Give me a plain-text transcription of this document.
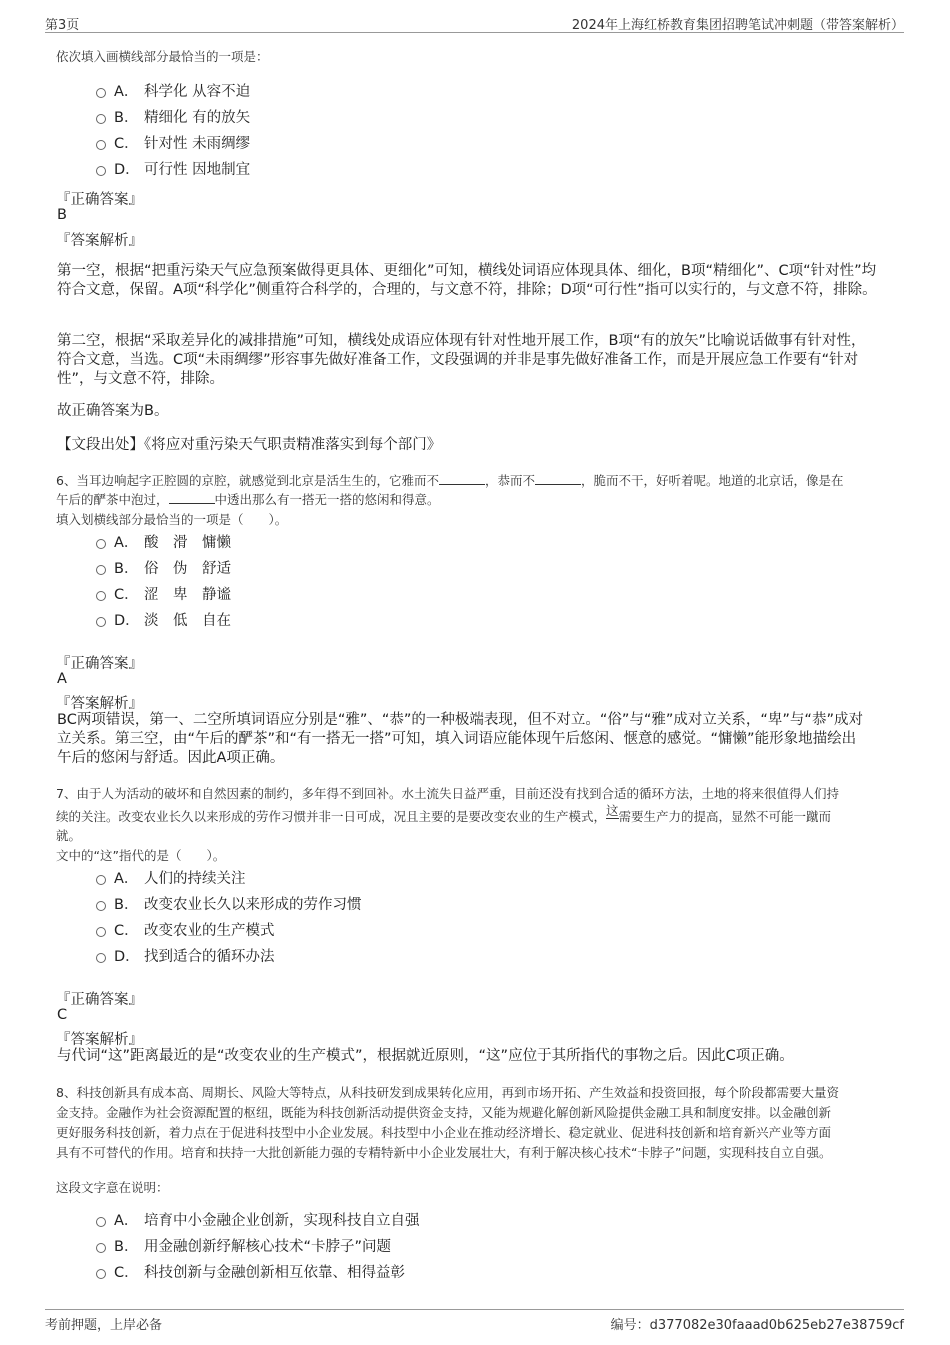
第3页	2024年上海红桥教育集团招聘笔试冲刺题（带答案解析）
依次填入画横线部分最恰当的一项是：
A． 科学化 从容不迫
B． 精细化 有的放矢
C． 针对性 未雨绸缪
D． 可行性 因地制宜
『正确答案』
B
『答案解析』
第一空，根据“把重污染天气应急预案做得更具体、更细化”可知，横线处词语应体现具体、细化，B项“精细化”、C项“针对性”均符合文意，保留。A项“科学化”侧重符合科学的，合理的，与文意不符，排除；D项“可行性”指可以实行的，与文意不符，排除。
第二空，根据“采取差异化的减排措施”可知，横线处成语应体现有针对性地开展工作，B项“有的放矢”比喻说话做事有针对性，符合文意，当选。C项“未雨绸缪”形容事先做好准备工作，文段强调的并非是事先做好准备工作，而是开展应急工作要有“针对性”，与文意不符，排除。
故正确答案为B。
【文段出处】《将应对重污染天气职责精准落实到每个部门》
6、当耳边响起字正腔圆的京腔，就感觉到北京是活生生的，它雅而不	，恭而不	，脆而不干，好听着呢。地道的北京话，像是在
午后的酽茶中泡过，	中透出那么有一搭无一搭的悠闲和得意。
填入划横线部分最恰当的一项是（　　）。
A． 酸　滑　慵懒
B． 俗　伪　舒适
C． 涩　卑　静谧
D． 淡　低　自在
『正确答案』
A
『答案解析』
BC两项错误，第一、二空所填词语应分别是“雅”、“恭”的一种极端表现，但不对立。“俗”与“雅”成对立关系，“卑”与“恭”成对
立关系。第三空，由“午后的酽茶”和“有一搭无一搭”可知，填入词语应能体现午后悠闲、惬意的感觉。“慵懒”能形象地描绘出
午后的悠闲与舒适。因此A项正确。
7、由于人为活动的破坏和自然因素的制约，多年得不到回补。水土流失日益严重，目前还没有找到合适的循环方法，土地的将来很值得人们持
续的关注。改变农业长久以来形成的劳作习惯并非一日可成，况且主要的是要改变农业的生产模式，这需要生产力的提高，显然不可能一蹴而
就。
文中的“这”指代的是（　　）。
A． 人们的持续关注
B． 改变农业长久以来形成的劳作习惯
C． 改变农业的生产模式
D． 找到适合的循环办法
『正确答案』
C
『答案解析』
与代词“这”距离最近的是“改变农业的生产模式”，根据就近原则，“这”应位于其所指代的事物之后。因此C项正确。
8、科技创新具有成本高、周期长、风险大等特点，从科技研发到成果转化应用，再到市场开拓、产生效益和投资回报，每个阶段都需要大量资
金支持。金融作为社会资源配置的枢纽，既能为科技创新活动提供资金支持，又能为规避化解创新风险提供金融工具和制度安排。以金融创新
更好服务科技创新，着力点在于促进科技型中小企业发展。科技型中小企业在推动经济增长、稳定就业、促进科技创新和培育新兴产业等方面
具有不可替代的作用。培育和扶持一大批创新能力强的专精特新中小企业发展壮大，有利于解决核心技术“卡脖子”问题，实现科技自立自强。
这段文字意在说明：
A． 培育中小金融企业创新，实现科技自立自强
B． 用金融创新纾解核心技术“卡脖子”问题
C． 科技创新与金融创新相互依靠、相得益彰
考前押题，上岸必备	编号：d377082e30faaad0b625eb27e38759cf
